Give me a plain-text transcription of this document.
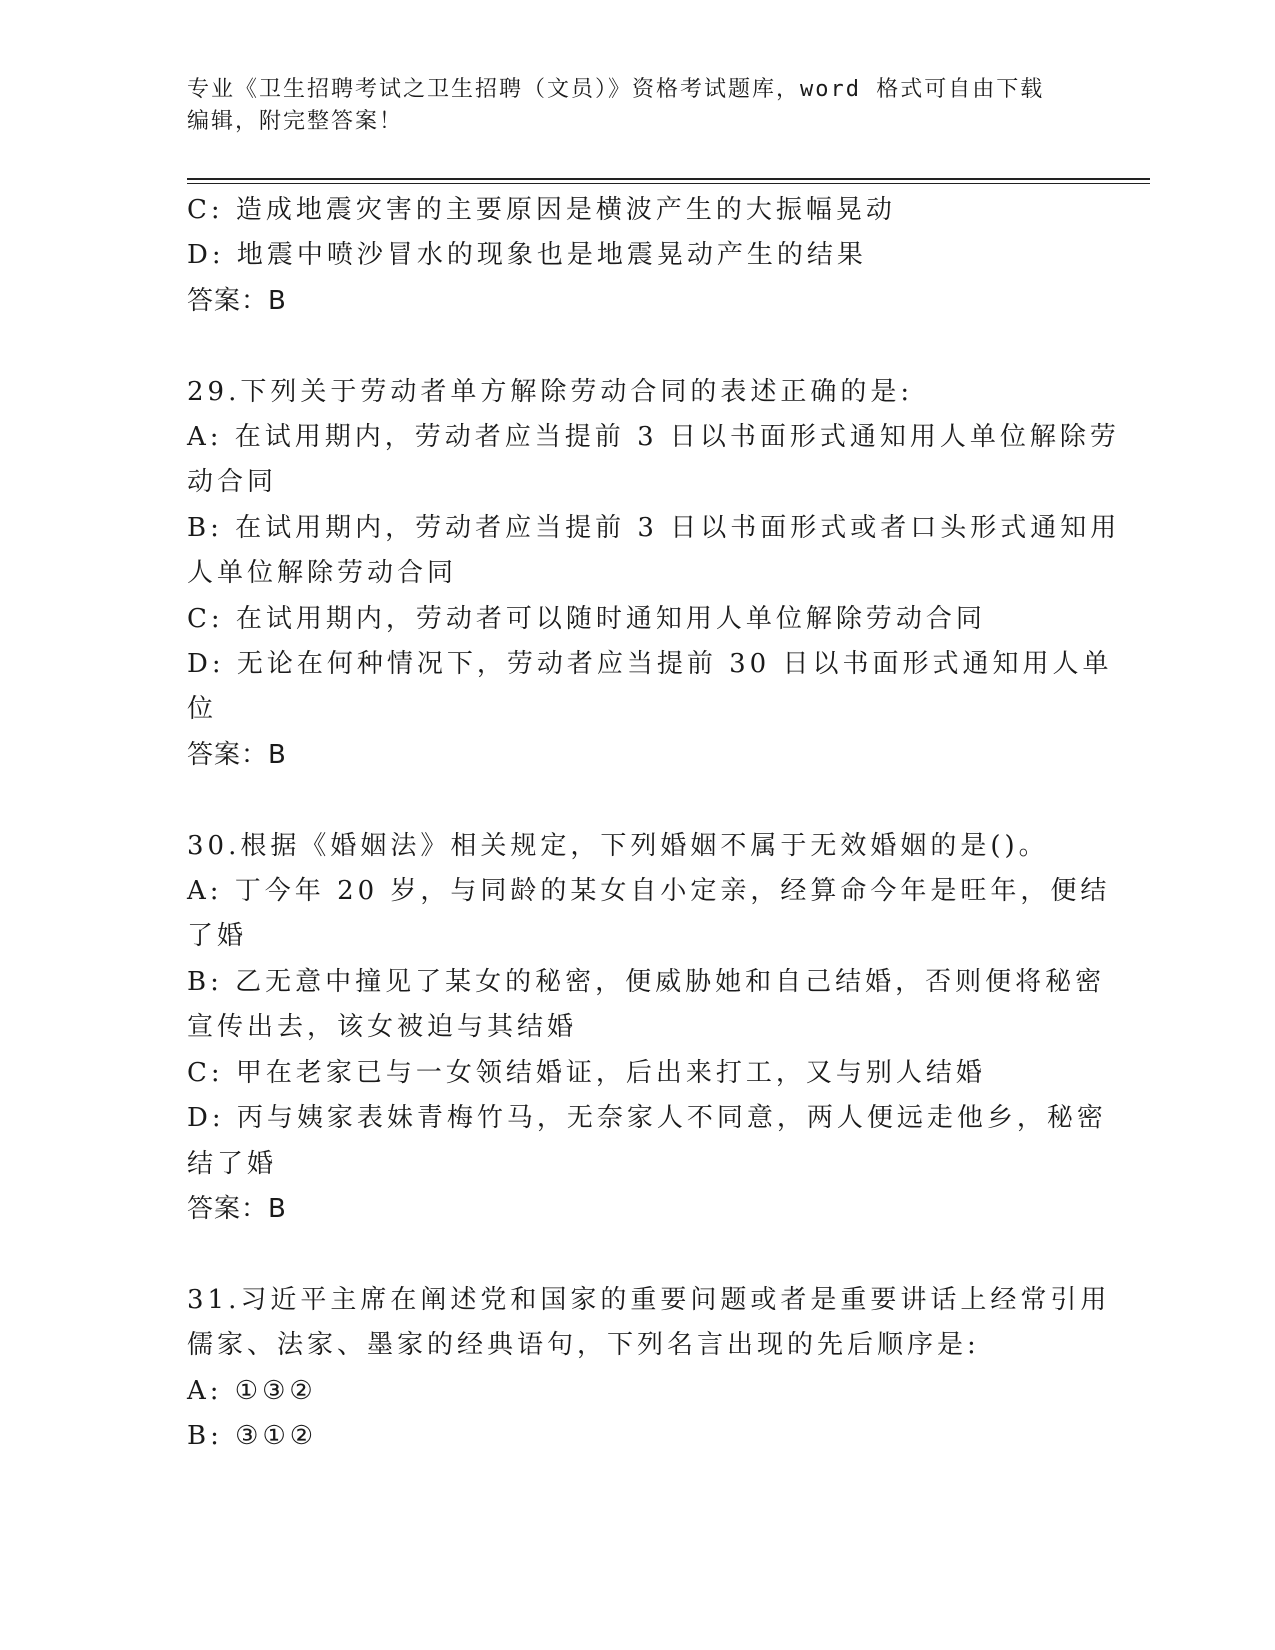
专业《卫生招聘考试之卫生招聘（文员）》资格考试题库，word 格式可自由下载
编辑，附完整答案！
C: 造成地震灾害的主要原因是横波产生的大振幅晃动
D: 地震中喷沙冒水的现象也是地震晃动产生的结果
答案：B
29.下列关于劳动者单方解除劳动合同的表述正确的是:
A: 在试用期内，劳动者应当提前 3 日以书面形式通知用人单位解除劳
动合同
B: 在试用期内，劳动者应当提前 3 日以书面形式或者口头形式通知用
人单位解除劳动合同
C: 在试用期内，劳动者可以随时通知用人单位解除劳动合同
D: 无论在何种情况下，劳动者应当提前 30 日以书面形式通知用人单
位
答案：B
30.根据《婚姻法》相关规定，下列婚姻不属于无效婚姻的是()。
A: 丁今年 20 岁，与同龄的某女自小定亲，经算命今年是旺年，便结
了婚
B: 乙无意中撞见了某女的秘密，便威胁她和自己结婚，否则便将秘密
宣传出去，该女被迫与其结婚
C: 甲在老家已与一女领结婚证，后出来打工，又与别人结婚
D: 丙与姨家表妹青梅竹马，无奈家人不同意，两人便远走他乡，秘密
结了婚
答案：B
31.习近平主席在阐述党和国家的重要问题或者是重要讲话上经常引用
儒家、法家、墨家的经典语句，下列名言出现的先后顺序是:
A: ①③②
B: ③①②
